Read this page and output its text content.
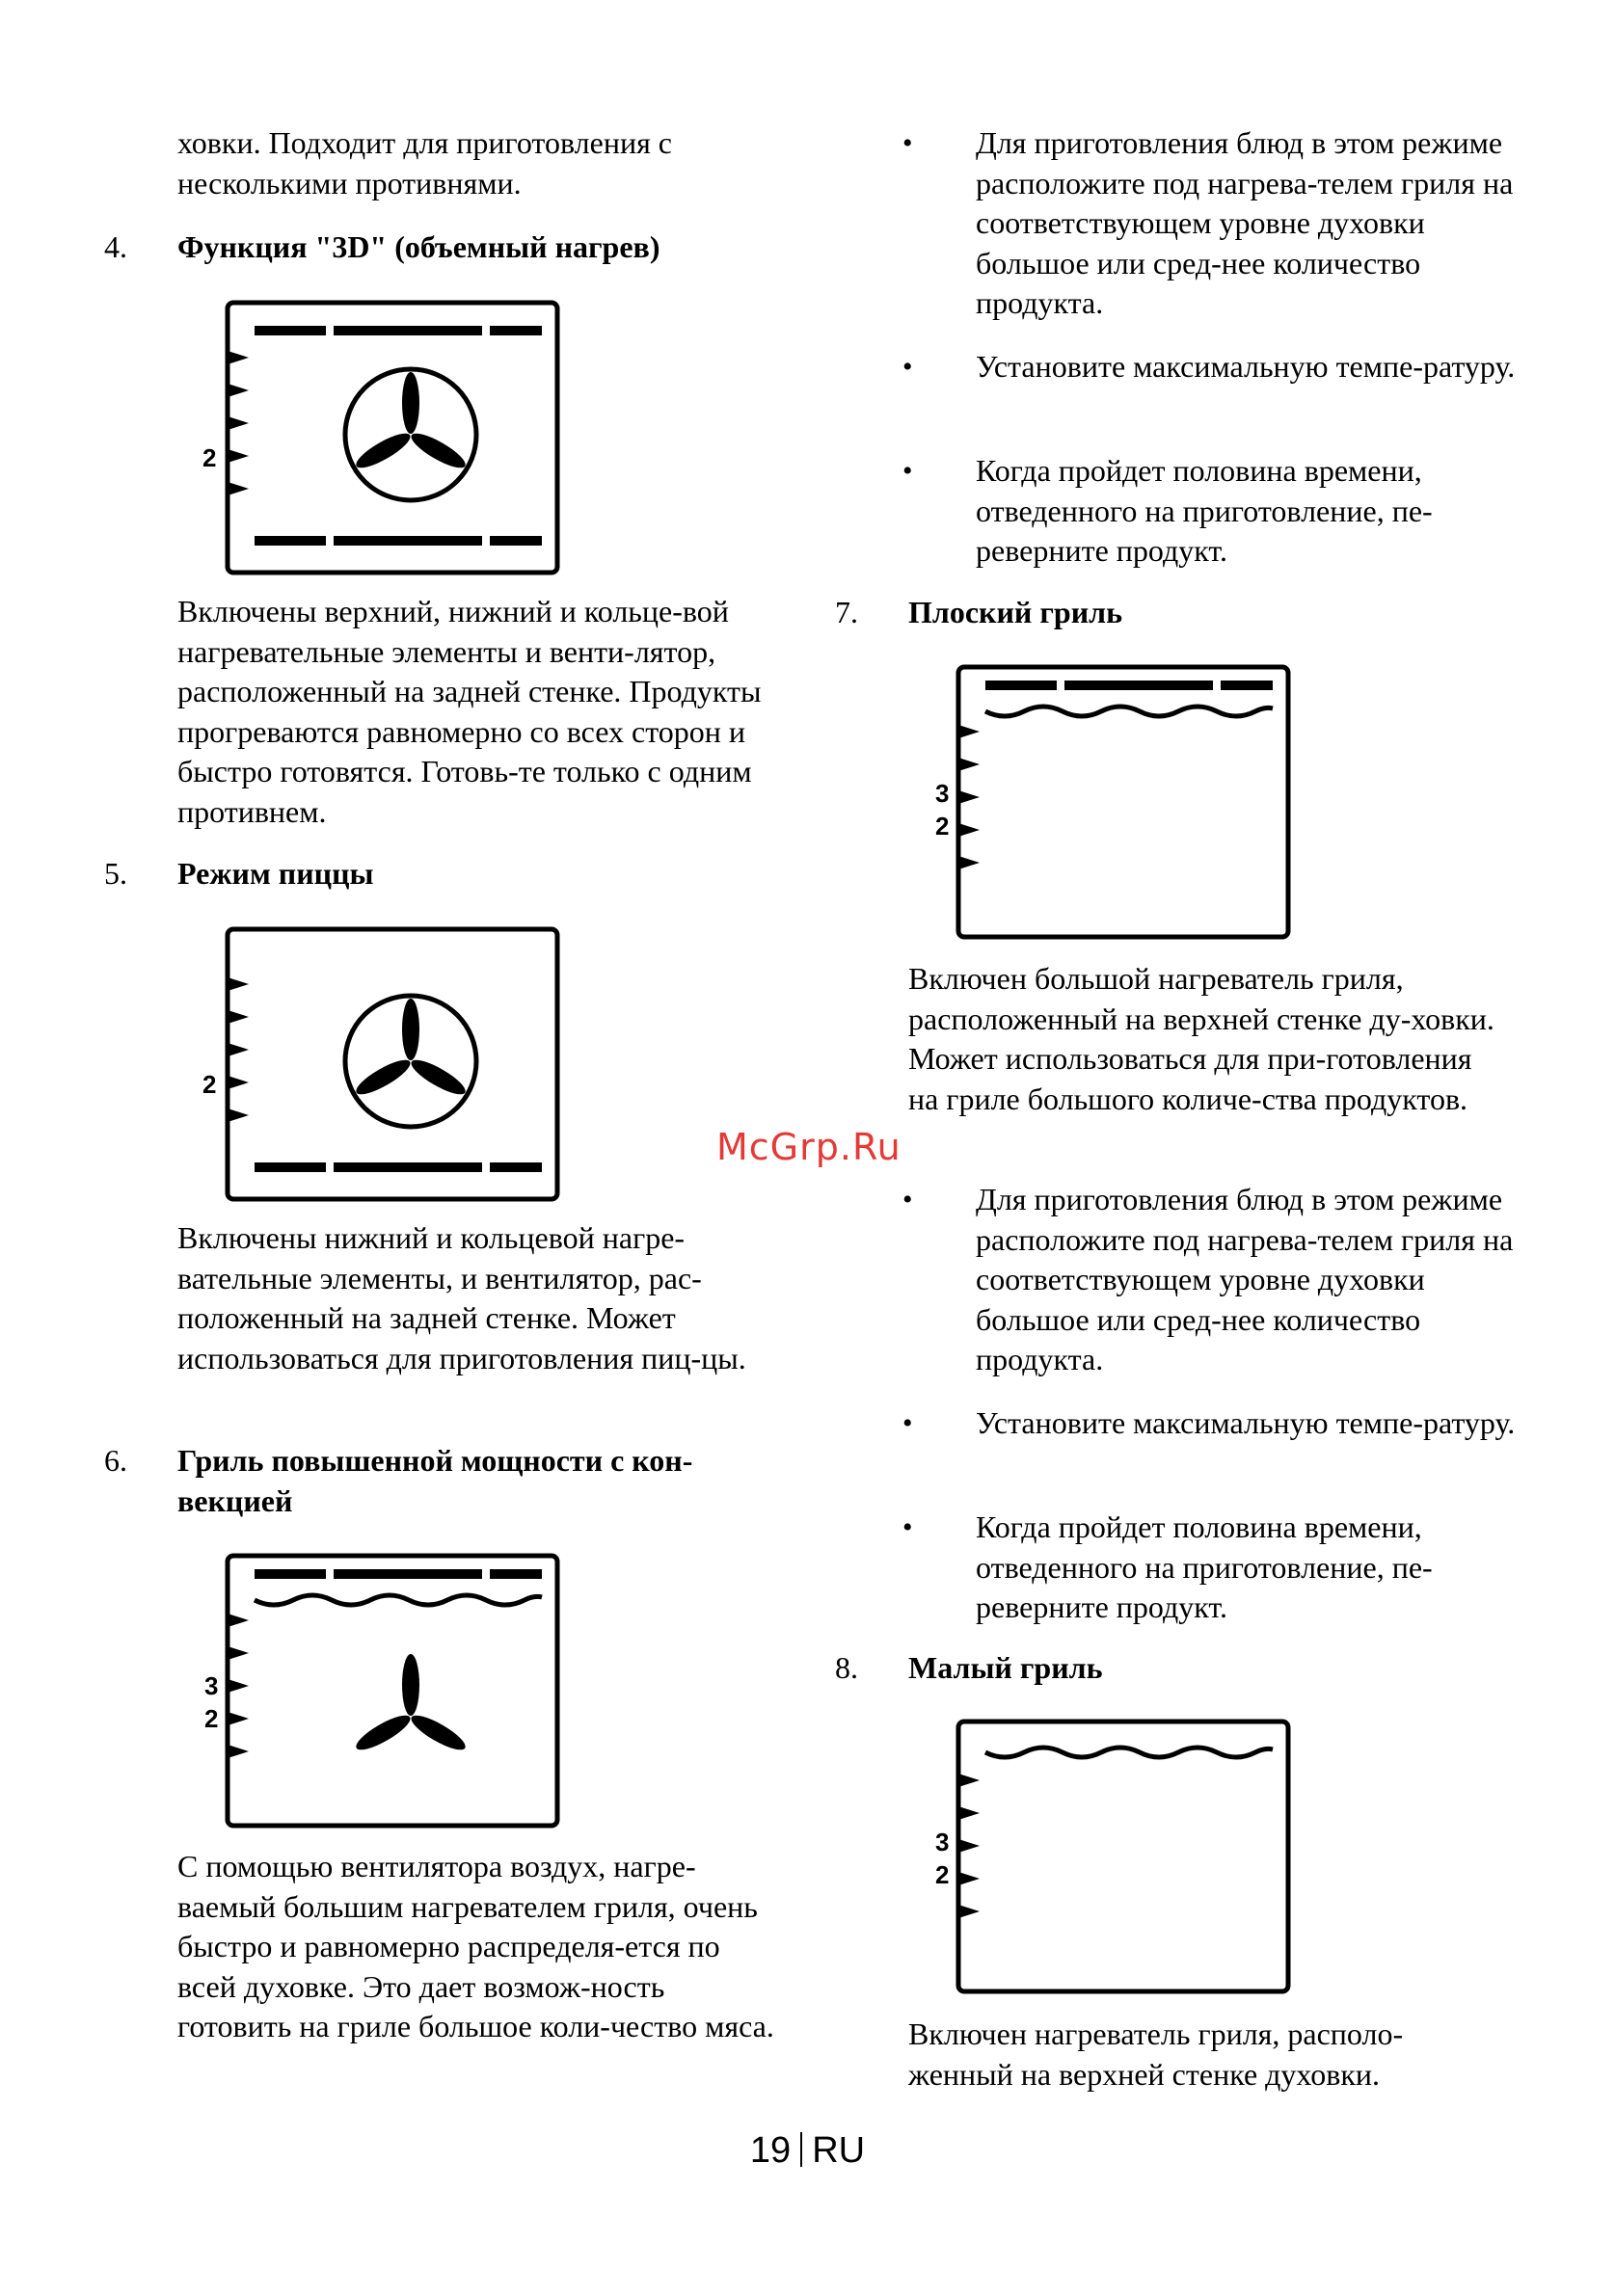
ховки. Подходит для приготовления с несколькими противнями.

4.	Функция "3D" (объемный нагрев)

2

Включены верхний, нижний и кольце-вой нагревательные элементы и венти-лятор, расположенный на задней стенке. Продукты прогреваются равномерно со всех сторон и быстро готовятся. Готовь-те только с одним противнем.

5.	Режим пиццы

2

Включены нижний и кольцевой нагре-вательные элементы, и вентилятор, рас-положенный на задней стенке. Может использоваться для приготовления пиц-цы.

6.	Гриль повышенной мощности с кон-векцией

3
2

С помощью вентилятора воздух, нагре-ваемый большим нагревателем гриля, очень быстро и равномерно распределя-ется по всей духовке. Это дает возмож-ность готовить на гриле большое коли-чество мяса.

• Для приготовления блюд в этом режиме расположите под нагрева-телем гриля на соответствующем уровне духовки большое или сред-нее количество продукта.

• Установите максимальную темпе-ратуру.

• Когда пройдет половина времени, отведенного на приготовление, пе-реверните продукт.

7.	Плоский гриль

3
2

Включен большой нагреватель гриля, расположенный на верхней стенке ду-ховки. Может использоваться для при-готовления на гриле большого количе-ства продуктов.

• Для приготовления блюд в этом режиме расположите под нагрева-телем гриля на соответствующем уровне духовки большое или сред-нее количество продукта.

• Установите максимальную темпе-ратуру.

• Когда пройдет половина времени, отведенного на приготовление, пе-реверните продукт.

8.	Малый гриль

3
2

Включен нагреватель гриля, располо-женный на верхней стенке духовки.

McGrp.Ru
19 RU
